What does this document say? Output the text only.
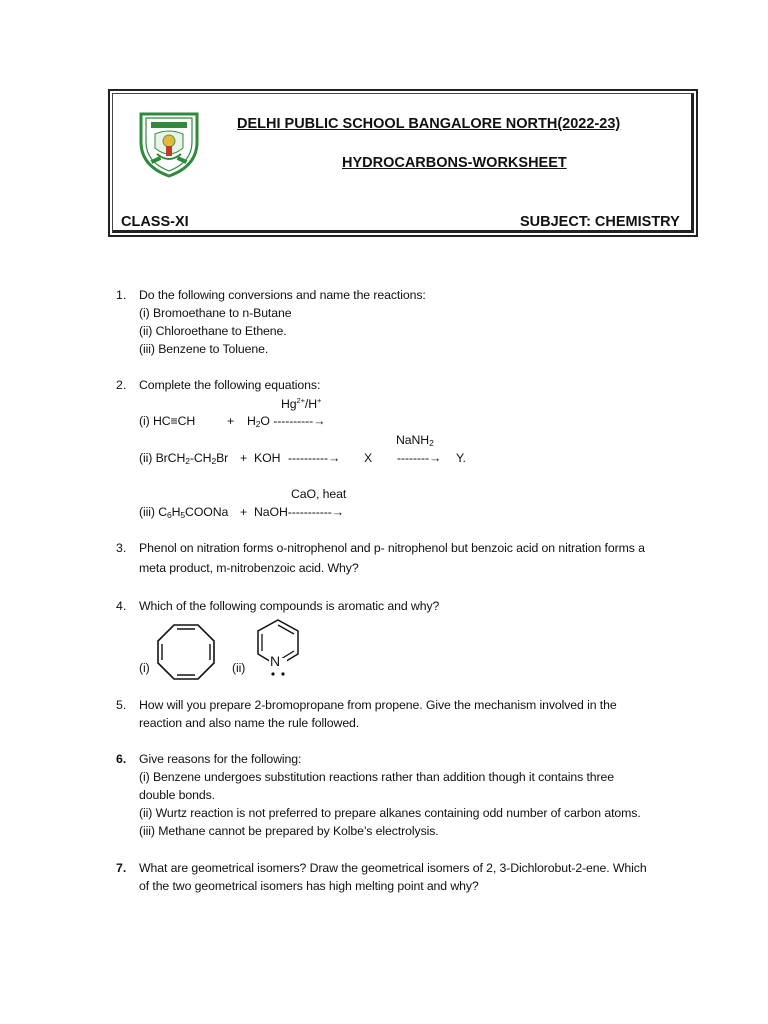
DELHI PUBLIC SCHOOL BANGALORE NORTH(2022-23)
HYDROCARBONS-WORKSHEET
CLASS-XI	SUBJECT: CHEMISTRY
1. Do the following conversions and name the reactions:
(i) Bromoethane to n-Butane
(ii) Chloroethane to Ethene.
(iii) Benzene to Toluene.
2. Complete the following equations:
$Hg^{2+}/H^+$
(i) HC≡CH	+ $H_2O$ ----------→
NaNH$_2$
(ii) $BrCH_2-CH_2Br$ + KOH ----------→ X --------→ Y.
CaO, heat
(iii) $C_6H_5COONa$ + NaOH-----------→
3. Phenol on nitration forms o-nitrophenol and p- nitrophenol but benzoic acid on nitration forms a
meta product, m-nitrobenzoic acid. Why?
4. Which of the following compounds is aromatic and why?
(i)	(ii) N
5. How will you prepare 2-bromopropane from propene. Give the mechanism involved in the
reaction and also name the rule followed.
6. Give reasons for the following:
(i) Benzene undergoes substitution reactions rather than addition though it contains three
double bonds.
(ii) Wurtz reaction is not preferred to prepare alkanes containing odd number of carbon atoms.
(iii) Methane cannot be prepared by Kolbe’s electrolysis.
7. What are geometrical isomers? Draw the geometrical isomers of 2, 3-Dichlorobut-2-ene. Which
of the two geometrical isomers has high melting point and why?
